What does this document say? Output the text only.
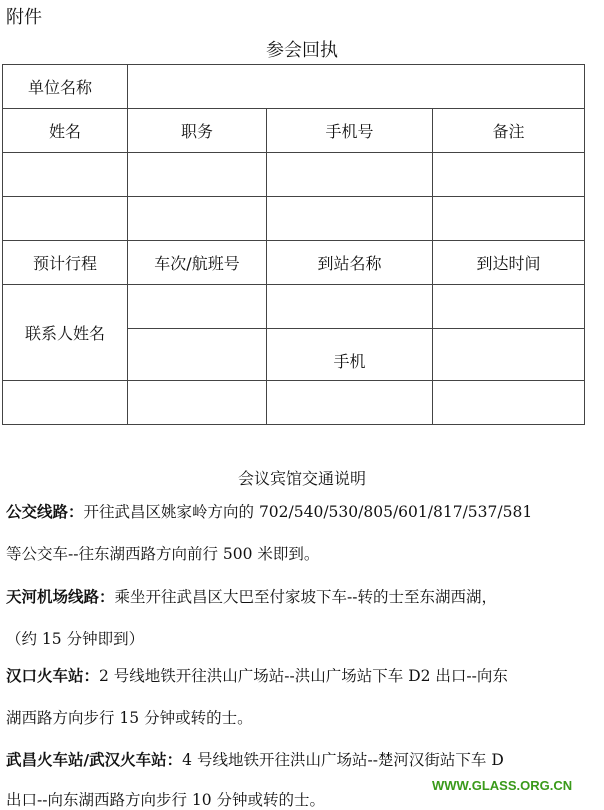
附件
参会回执
单位名称			
姓名	职务	手机号	备注

预计行程	车次/航班号	到站名称	到达时间
联系人姓名			
		手机	

会议宾馆交通说明
公交线路：开往武昌区姚家岭方向的 702/540/530/805/601/817/537/581
等公交车--往东湖西路方向前行 500 米即到。
天河机场线路：乘坐开往武昌区大巴至付家坡下车--转的士至东湖西湖，
（约 15 分钟即到）
汉口火车站：2 号线地铁开往洪山广场站--洪山广场站下车 D2 出口--向东
湖西路方向步行 15 分钟或转的士。
武昌火车站/武汉火车站：4 号线地铁开往洪山广场站--楚河汉街站下车 D
出口--向东湖西路方向步行 10 分钟或转的士。
WWW.GLASS.ORG.CN
